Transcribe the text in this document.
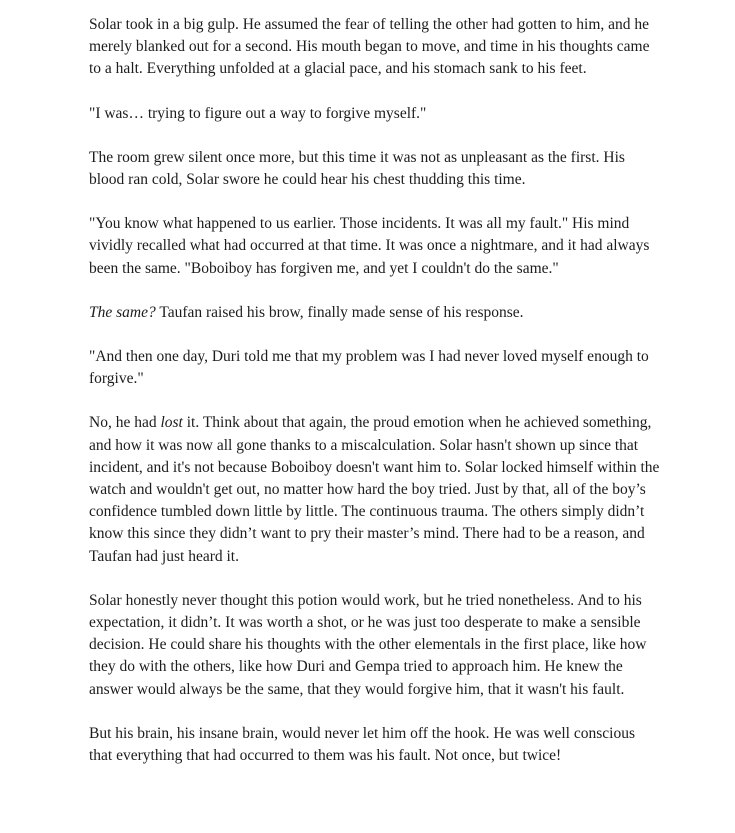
Solar took in a big gulp. He assumed the fear of telling the other had gotten to him, and he merely blanked out for a second. His mouth began to move, and time in his thoughts came to a halt. Everything unfolded at a glacial pace, and his stomach sank to his feet.

"I was… trying to figure out a way to forgive myself."

The room grew silent once more, but this time it was not as unpleasant as the first. His blood ran cold, Solar swore he could hear his chest thudding this time.

"You know what happened to us earlier. Those incidents. It was all my fault." His mind vividly recalled what had occurred at that time. It was once a nightmare, and it had always been the same. "Boboiboy has forgiven me, and yet I couldn't do the same."

The same? Taufan raised his brow, finally made sense of his response.

"And then one day, Duri told me that my problem was I had never loved myself enough to forgive."

No, he had lost it. Think about that again, the proud emotion when he achieved something, and how it was now all gone thanks to a miscalculation. Solar hasn't shown up since that incident, and it's not because Boboiboy doesn't want him to. Solar locked himself within the watch and wouldn't get out, no matter how hard the boy tried. Just by that, all of the boy’s confidence tumbled down little by little. The continuous trauma. The others simply didn’t know this since they didn’t want to pry their master’s mind. There had to be a reason, and Taufan had just heard it.

Solar honestly never thought this potion would work, but he tried nonetheless. And to his expectation, it didn’t. It was worth a shot, or he was just too desperate to make a sensible decision. He could share his thoughts with the other elementals in the first place, like how they do with the others, like how Duri and Gempa tried to approach him. He knew the answer would always be the same, that they would forgive him, that it wasn't his fault.

But his brain, his insane brain, would never let him off the hook. He was well conscious that everything that had occurred to them was his fault. Not once, but twice!
